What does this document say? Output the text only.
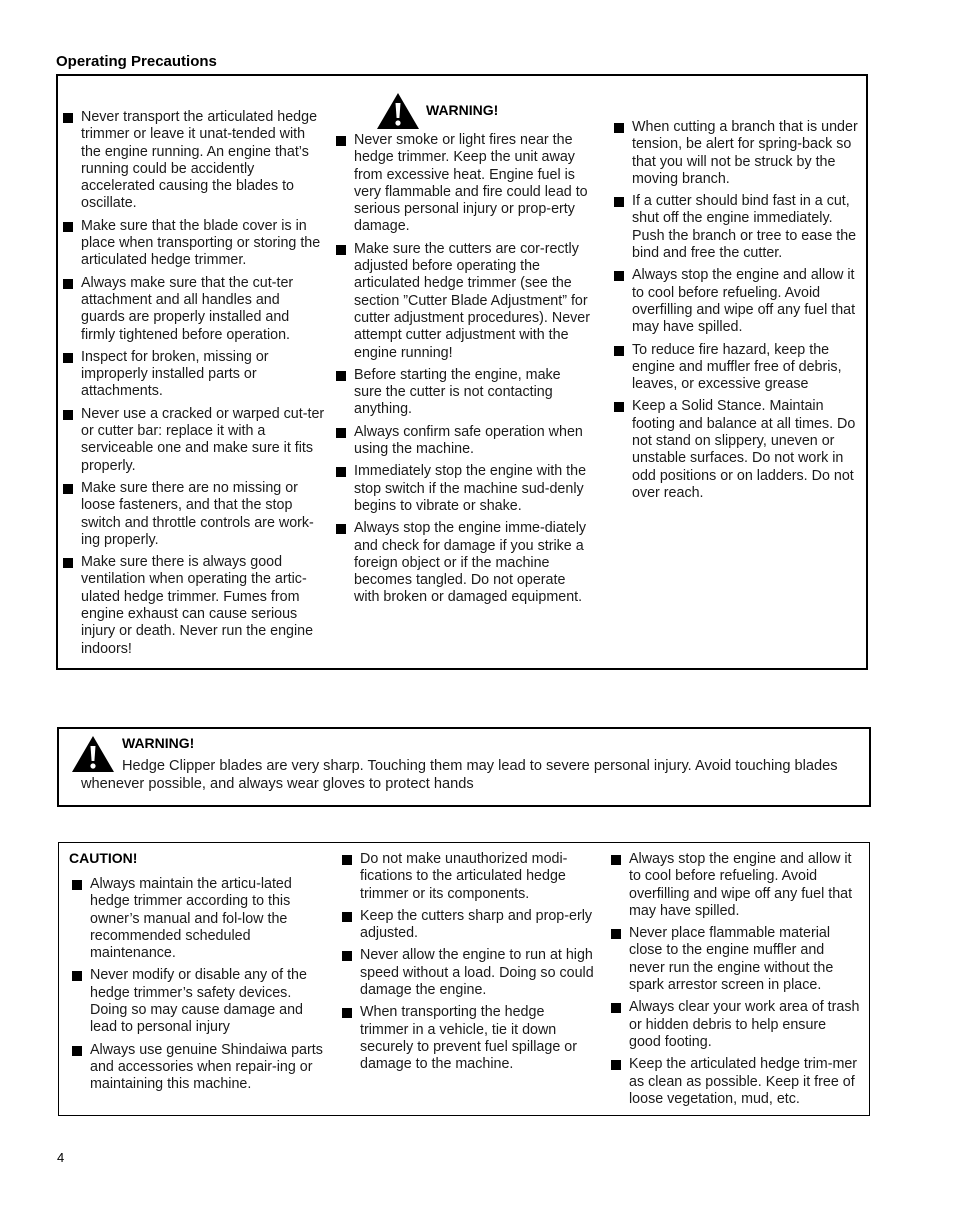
Operating Precautions
Never transport the articulated hedge trimmer or leave it unat-tended with the engine running. An engine that’s running could be accidently accelerated causing the blades to oscillate.
Make sure that the blade cover is in place when transporting or storing the articulated hedge trimmer.
Always make sure that the cut-ter attachment and all handles and guards are properly installed and firmly tightened before operation.
Inspect for broken, missing or improperly installed parts or attachments.
Never use a cracked or warped cut-ter or cutter bar: replace it with a serviceable one and make sure it fits properly.
Make sure there are no missing or loose fasteners, and that the stop switch and throttle controls are work-ing properly.
Make sure there is always good ventilation when operating the artic-ulated hedge trimmer. Fumes from engine exhaust can cause serious injury or death. Never run the engine indoors!
WARNING!
Never smoke or light fires near the hedge trimmer. Keep the unit away from excessive heat. Engine fuel is very flammable and fire could lead to serious personal injury or prop-erty damage.
Make sure the cutters are cor-rectly adjusted before operating the articulated hedge trimmer (see the section ”Cutter Blade Adjustment” for cutter adjustment procedures). Never attempt cutter adjustment with the engine running!
Before starting the engine, make sure the cutter is not contacting anything.
Always confirm safe operation when using the machine.
Immediately stop the engine with the stop switch if the machine sud-denly begins to vibrate or shake.
Always stop the engine imme-diately and check for damage if you strike a foreign object or if the machine becomes tangled. Do not operate with broken or damaged equipment.
When cutting a branch that is under tension, be alert for spring-back so that you will not be struck by the moving branch.
If a cutter should bind fast in a cut, shut off the engine immediately. Push the branch or tree to ease the bind and free the cutter.
Always stop the engine and allow it to cool before refueling. Avoid overfilling and wipe off any fuel that may have spilled.
To reduce fire hazard, keep the engine and muffler free of debris, leaves, or excessive grease
Keep a Solid Stance. Maintain footing and balance at all times. Do not stand on slippery, uneven or unstable surfaces. Do not work in odd positions or on ladders. Do not over reach.
WARNING!
Hedge Clipper blades are very sharp. Touching them may lead to severe personal injury. Avoid touching blades whenever possible, and always wear gloves to protect hands
CAUTION!
Always maintain the articu-lated hedge trimmer according to this owner’s manual and fol-low the recommended scheduled maintenance.
Never modify or disable any of the hedge trimmer’s safety devices. Doing so may cause damage and lead to personal injury
Always use genuine Shindaiwa parts and accessories when repair-ing or maintaining this machine.
Do not make unauthorized modi-fications to the articulated hedge trimmer or its components.
Keep the cutters sharp and prop-erly adjusted.
Never allow the engine to run at high speed without a load. Doing so could damage the engine.
When transporting the hedge trimmer in a vehicle, tie it down securely to prevent fuel spillage or damage to the machine.
Always stop the engine and allow it to cool before refueling. Avoid overfilling and wipe off any fuel that may have spilled.
Never place flammable material close to the engine muffler and never run the engine without the spark arrestor screen in place.
Always clear your work area of trash or hidden debris to help ensure good footing.
Keep the articulated hedge trim-mer as clean as possible. Keep it free of loose vegetation, mud, etc.
4
